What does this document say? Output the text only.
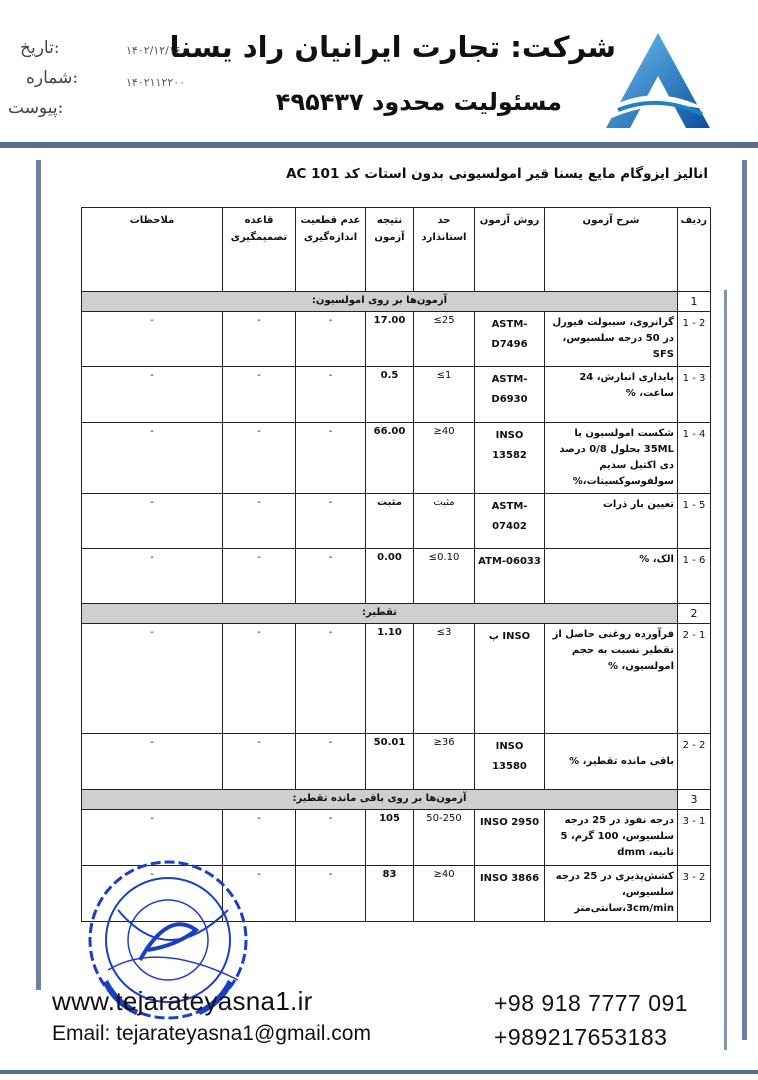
شرکت: تجارت ایرانیان راد یسنا
مسئولیت محدود ۴۹۵۴۳۷
:تاریخ	۱۴۰۲/۱۲/۱۶
:شماره	۱۴۰۲۱۱۲۲۰۰
:پیوست
انالیز ایزوگام مایع یسنا قیر امولسیونی بدون استات کد AC 101
ردیف	شرح آزمون	روش آزمون	حد استاندارد	نتیجه آزمون	عدم قطعیت اندازه‌گیری	قاعده تصمیمگیری	ملاحظات
1	آزمون‌ها بر روی امولسیون:						
2 - 1	گرانروی، سیبولت فیورل در 50 درجه سلسیوس، SFS	ASTM-D7496	25≥	17.00	-	-	-
3 - 1	پایداری انبارش، 24 ساعت، %	ASTM-D6930	1≥	0.5	-	-	-
4 - 1	شکست امولسیون با 35ML بحلول 0/8 درصد دی اکتیل سدیم سولفوسوکسینات،%	INSO 13582	40≤	66.00	-	-	-
5 - 1	تعیین بار ذرات	ASTM-07402	مثبت	مثبت	-	-	-
6 - 1	الک، %	ATM-06033	0.10≥	0.00	-	-	-
2	تقطیر:						
1 - 2	فرآورده روغنی حاصل از تقطیر نسبت به حجم امولسیون، %	INSO پ	3≥	1.10	-	-	-
2 - 2	باقی مانده تقطیر، %	INSO 13580	36≤	50.01	-	-	-
3	آزمون‌ها بر روی باقی مانده تقطیر:						
1 - 3	درجه نفوذ در 25 درجه سلسیوس، 100 گرم، 5 ثانیه، dmm	INSO 2950	50-250	105	-	-	-
2 - 3	کشش‌پذیری در 25 درجه سلسیوس، 3cm/min،سانتی‌متر	INSO 3866	40≤	83	-	-	-
www.tejarateyasna1.ir
Email: tejarateyasna1@gmail.com
+98 918 7777 091
+989217653183
